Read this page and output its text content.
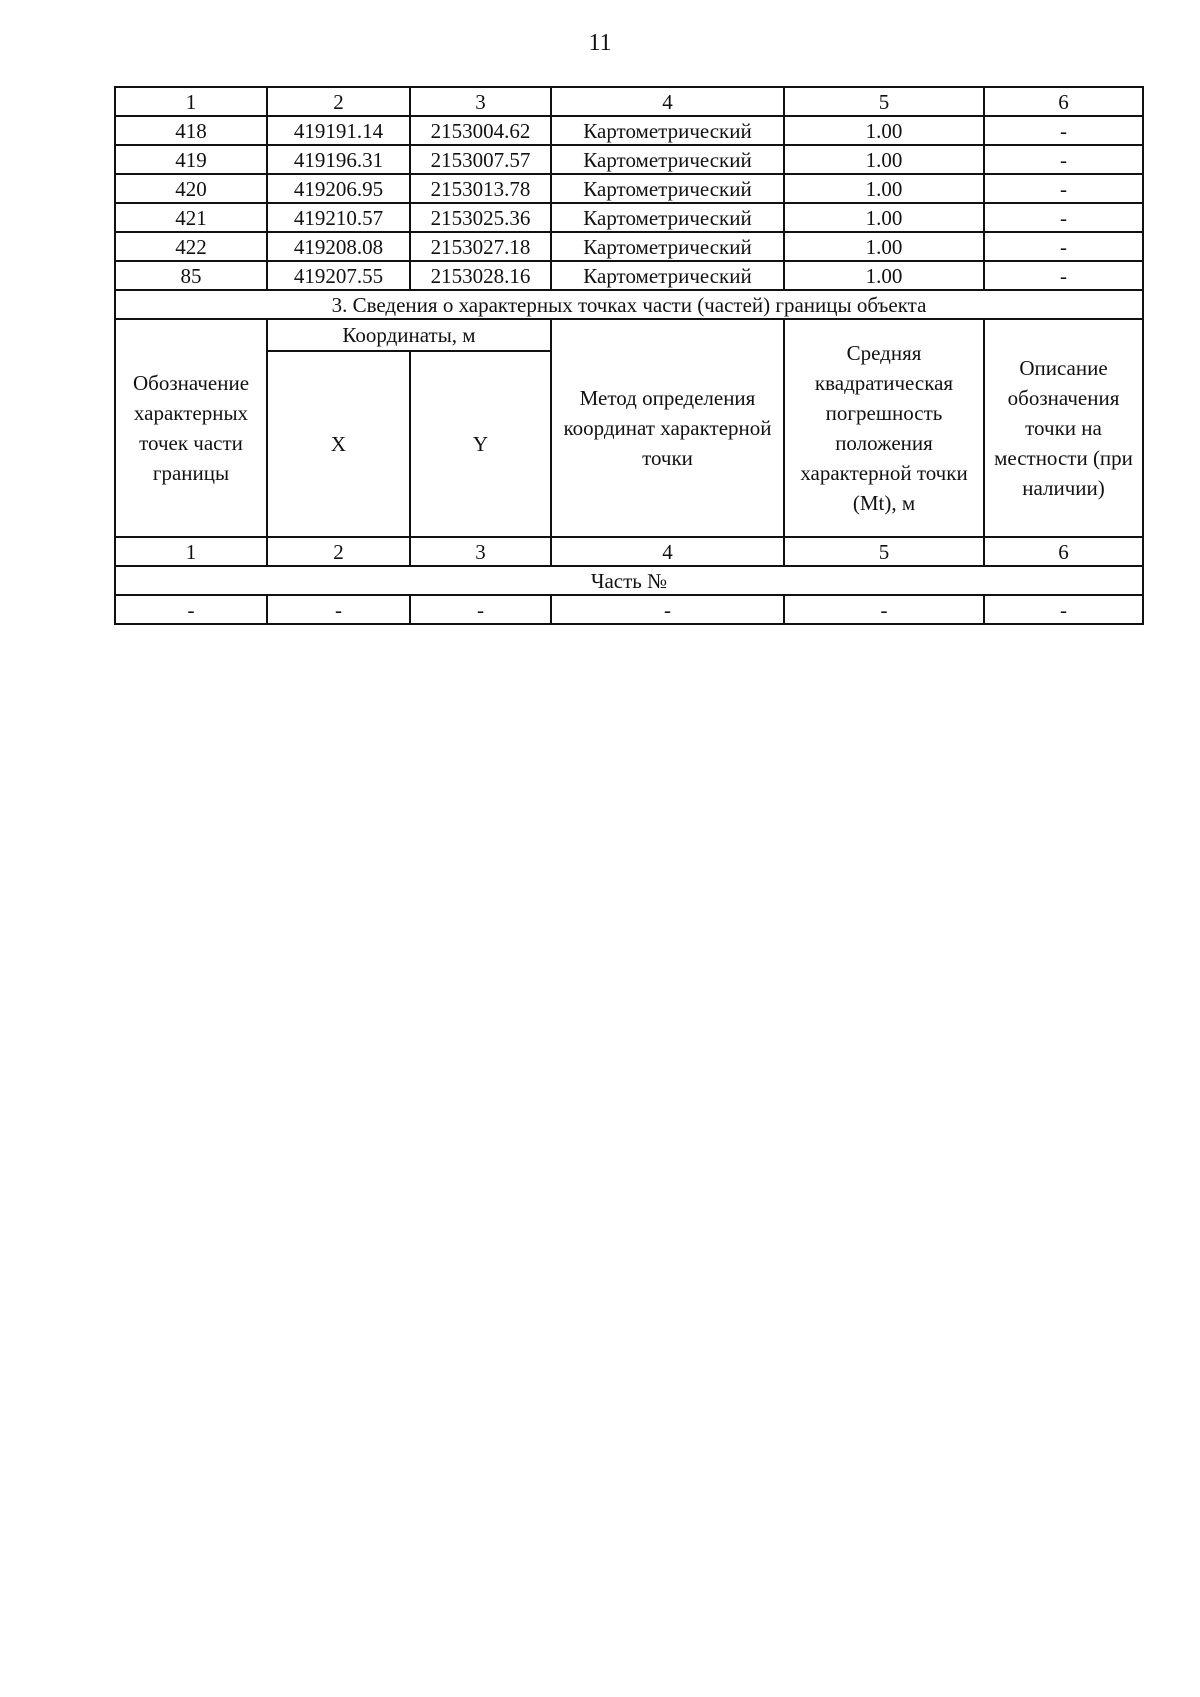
11
1	2	3	4	5	6
418	419191.14	2153004.62	Картометрический	1.00	-
419	419196.31	2153007.57	Картометрический	1.00	-
420	419206.95	2153013.78	Картометрический	1.00	-
421	419210.57	2153025.36	Картометрический	1.00	-
422	419208.08	2153027.18	Картометрический	1.00	-
85	419207.55	2153028.16	Картометрический	1.00	-
3. Сведения о характерных точках части (частей) границы объекта					
Обозначение характерных точек части границы	Координаты, м		Метод определения координат характерной точки	Средняя квадратическая погрешность положения характерной точки (Mt), м	Описание обозначения точки на местности (при наличии)
	X	Y			
1	2	3	4	5	6
Часть №					
-	-	-	-	-	-
